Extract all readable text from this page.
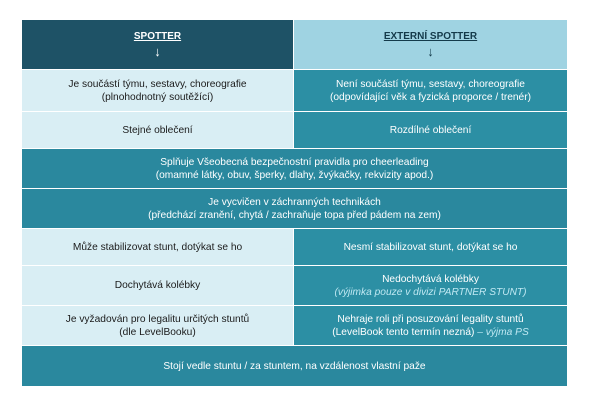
SPOTTER
↓
EXTERNÍ SPOTTER
↓
Je součástí týmu, sestavy, choreografie
(plnohodnotný soutěžící)
Není součástí týmu, sestavy, choreografie
(odpovídající věk a fyzická proporce / trenér)
Stejné oblečení	Rozdílné oblečení
Splňuje Všeobecná bezpečnostní pravidla pro cheerleading
(omamné látky, obuv, šperky, dlahy, žvýkačky, rekvizity apod.)
Je vycvičen v záchranných technikách
(předchází zranění, chytá / zachraňuje topa před pádem na zem)
Může stabilizovat stunt, dotýkat se ho	Nesmí stabilizovat stunt, dotýkat se ho
Dochytává kolébky
Nedochytává kolébky
(výjimka pouze v divizi PARTNER STUNT)
Je vyžadován pro legalitu určitých stuntů
(dle LevelBooku)
Nehraje roli při posuzování legality stuntů
(LevelBook tento termín nezná) – výjma PS
Stojí vedle stuntu / za stuntem, na vzdálenost vlastní paže
